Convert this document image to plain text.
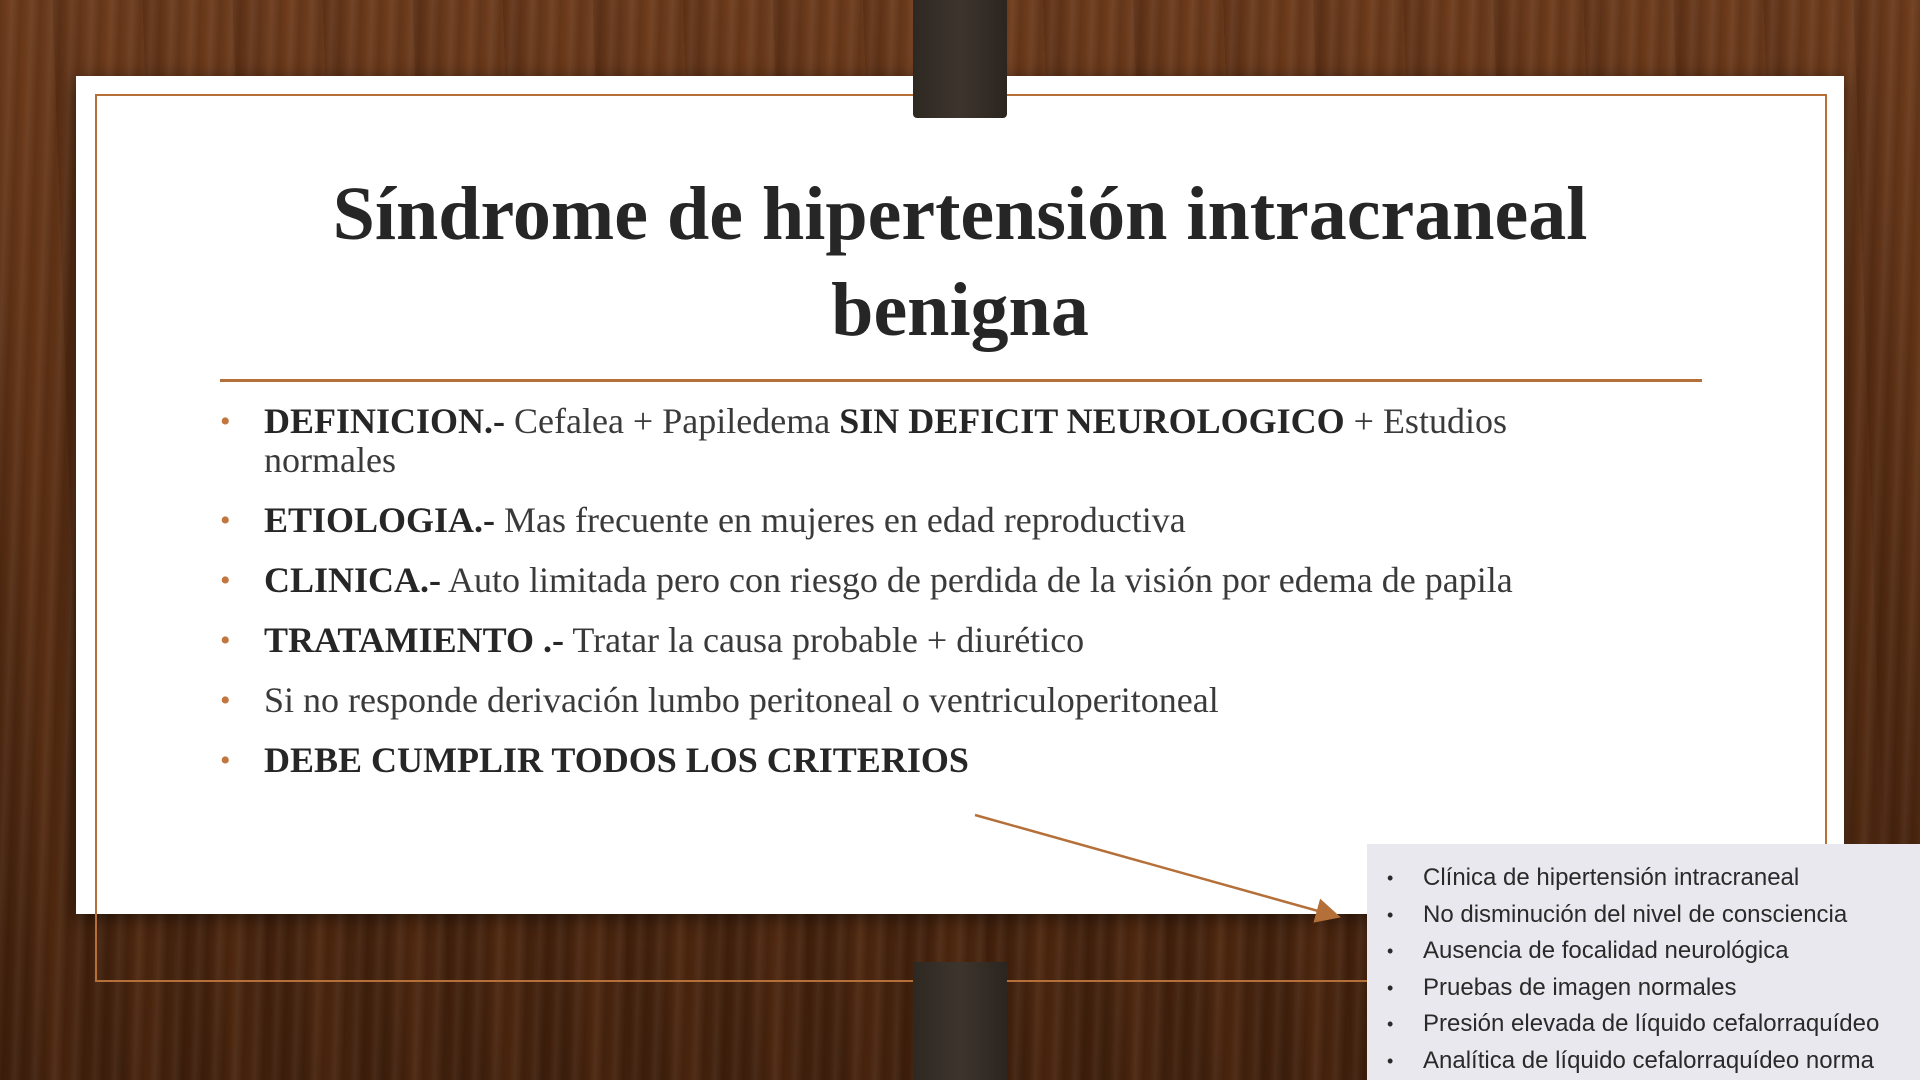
Síndrome de hipertensión intracraneal benigna
• DEFINICION.- Cefalea + Papiledema SIN DEFICIT NEUROLOGICO + Estudios normales
• ETIOLOGIA.- Mas frecuente en mujeres en edad reproductiva
• CLINICA.- Auto limitada pero con riesgo de perdida de la visión por edema de papila
• TRATAMIENTO .- Tratar la causa probable + diurético
• Si no responde derivación lumbo peritoneal o ventriculoperitoneal
• DEBE CUMPLIR TODOS LOS CRITERIOS
• Clínica de hipertensión intracraneal
• No disminución del nivel de consciencia
• Ausencia de focalidad neurológica
• Pruebas de imagen normales
• Presión elevada de líquido cefalorraquídeo
• Analítica de líquido cefalorraquídeo norma
